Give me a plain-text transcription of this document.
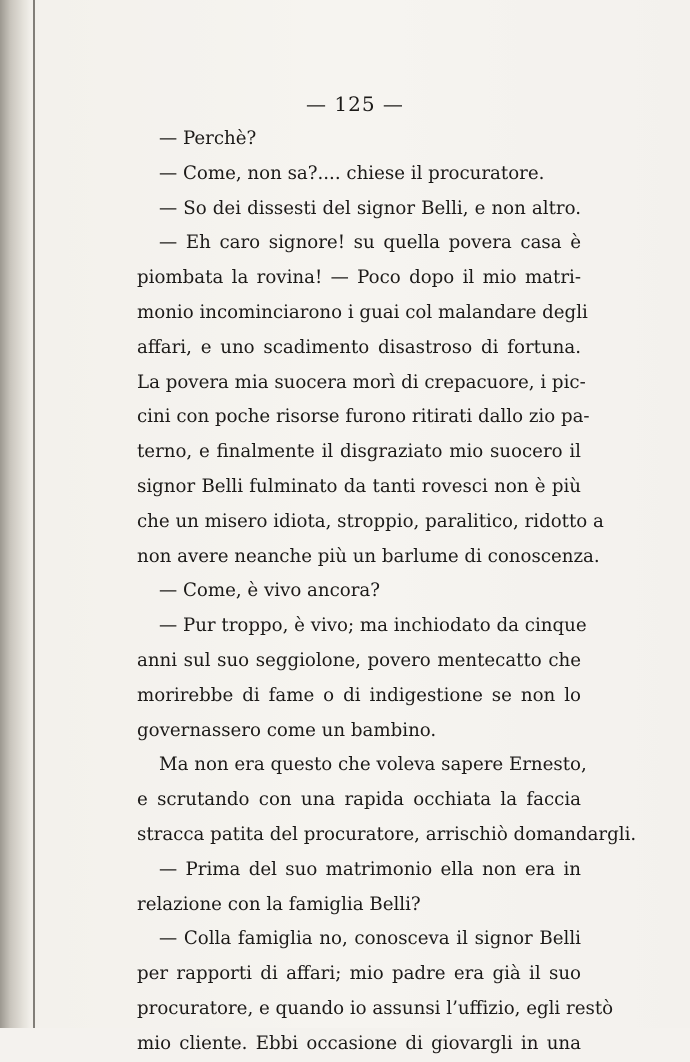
— 125 —
— Perchè?
— Come, non sa?.... chiese il procuratore.
— So dei dissesti del signor Belli, e non altro.
— Eh caro signore! su quella povera casa è
piombata la rovina! — Poco dopo il mio matri-
monio incominciarono i guai col malandare degli
affari, e uno scadimento disastroso di fortuna.
La povera mia suocera morì di crepacuore, i pic-
cini con poche risorse furono ritirati dallo zio pa-
terno, e finalmente il disgraziato mio suocero il
signor Belli fulminato da tanti rovesci non è più
che un misero idiota, stroppio, paralitico, ridotto a
non avere neanche più un barlume di conoscenza.
— Come, è vivo ancora?
— Pur troppo, è vivo; ma inchiodato da cinque
anni sul suo seggiolone, povero mentecatto che
morirebbe di fame o di indigestione se non lo
governassero come un bambino.
Ma non era questo che voleva sapere Ernesto,
e scrutando con una rapida occhiata la faccia
stracca patita del procuratore, arrischiò domandargli.
— Prima del suo matrimonio ella non era in
relazione con la famiglia Belli?
— Colla famiglia no, conosceva il signor Belli
per rapporti di affari; mio padre era già il suo
procuratore, e quando io assunsi l’uffizio, egli restò
mio cliente. Ebbi occasione di giovargli in una
